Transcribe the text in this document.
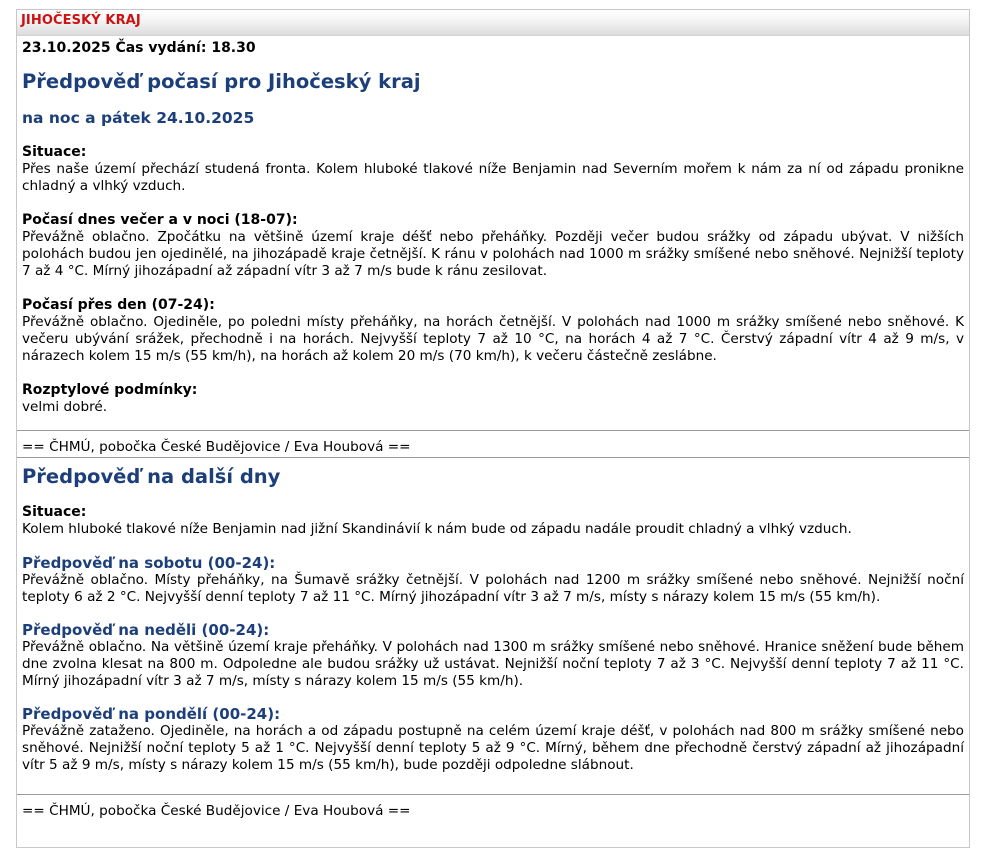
JIHOČESKÝ KRAJ
23.10.2025 Čas vydání: 18.30
Předpověď počasí pro Jihočeský kraj
na noc a pátek 24.10.2025
Situace:
Přes naše území přechází studená fronta. Kolem hluboké tlakové níže Benjamin nad Severním mořem k nám za ní od západu pronikne chladný a vlhký vzduch.
Počasí dnes večer a v noci (18-07):
Převážně oblačno. Zpočátku na většině území kraje déšť nebo přeháňky. Později večer budou srážky od západu ubývat. V nižších polohách budou jen ojedinělé, na jihozápadě kraje četnější. K ránu v polohách nad 1000 m srážky smíšené nebo sněhové. Nejnižší teploty 7 až 4 °C. Mírný jihozápadní až západní vítr 3 až 7 m/s bude k ránu zesilovat.
Počasí přes den (07-24):
Převážně oblačno. Ojediněle, po poledni místy přeháňky, na horách četnější. V polohách nad 1000 m srážky smíšené nebo sněhové. K večeru ubývání srážek, přechodně i na horách. Nejvyšší teploty 7 až 10 °C, na horách 4 až 7 °C. Čerstvý západní vítr 4 až 9 m/s, v nárazech kolem 15 m/s (55 km/h), na horách až kolem 20 m/s (70 km/h), k večeru částečně zeslábne.
Rozptylové podmínky:
velmi dobré.
== ČHMÚ, pobočka České Budějovice / Eva Houbová ==
Předpověď na další dny
Situace:
Kolem hluboké tlakové níže Benjamin nad jižní Skandinávií k nám bude od západu nadále proudit chladný a vlhký vzduch.
Předpověď na sobotu (00-24):
Převážně oblačno. Místy přeháňky, na Šumavě srážky četnější. V polohách nad 1200 m srážky smíšené nebo sněhové. Nejnižší noční teploty 6 až 2 °C. Nejvyšší denní teploty 7 až 11 °C. Mírný jihozápadní vítr 3 až 7 m/s, místy s nárazy kolem 15 m/s (55 km/h).
Předpověď na neděli (00-24):
Převážně oblačno. Na většině území kraje přeháňky. V polohách nad 1300 m srážky smíšené nebo sněhové. Hranice sněžení bude během dne zvolna klesat na 800 m. Odpoledne ale budou srážky už ustávat. Nejnižší noční teploty 7 až 3 °C. Nejvyšší denní teploty 7 až 11 °C. Mírný jihozápadní vítr 3 až 7 m/s, místy s nárazy kolem 15 m/s (55 km/h).
Předpověď na pondělí (00-24):
Převážně zataženo. Ojediněle, na horách a od západu postupně na celém území kraje déšť, v polohách nad 800 m srážky smíšené nebo sněhové. Nejnižší noční teploty 5 až 1 °C. Nejvyšší denní teploty 5 až 9 °C. Mírný, během dne přechodně čerstvý západní až jihozápadní vítr 5 až 9 m/s, místy s nárazy kolem 15 m/s (55 km/h), bude později odpoledne slábnout.
== ČHMÚ, pobočka České Budějovice / Eva Houbová ==
